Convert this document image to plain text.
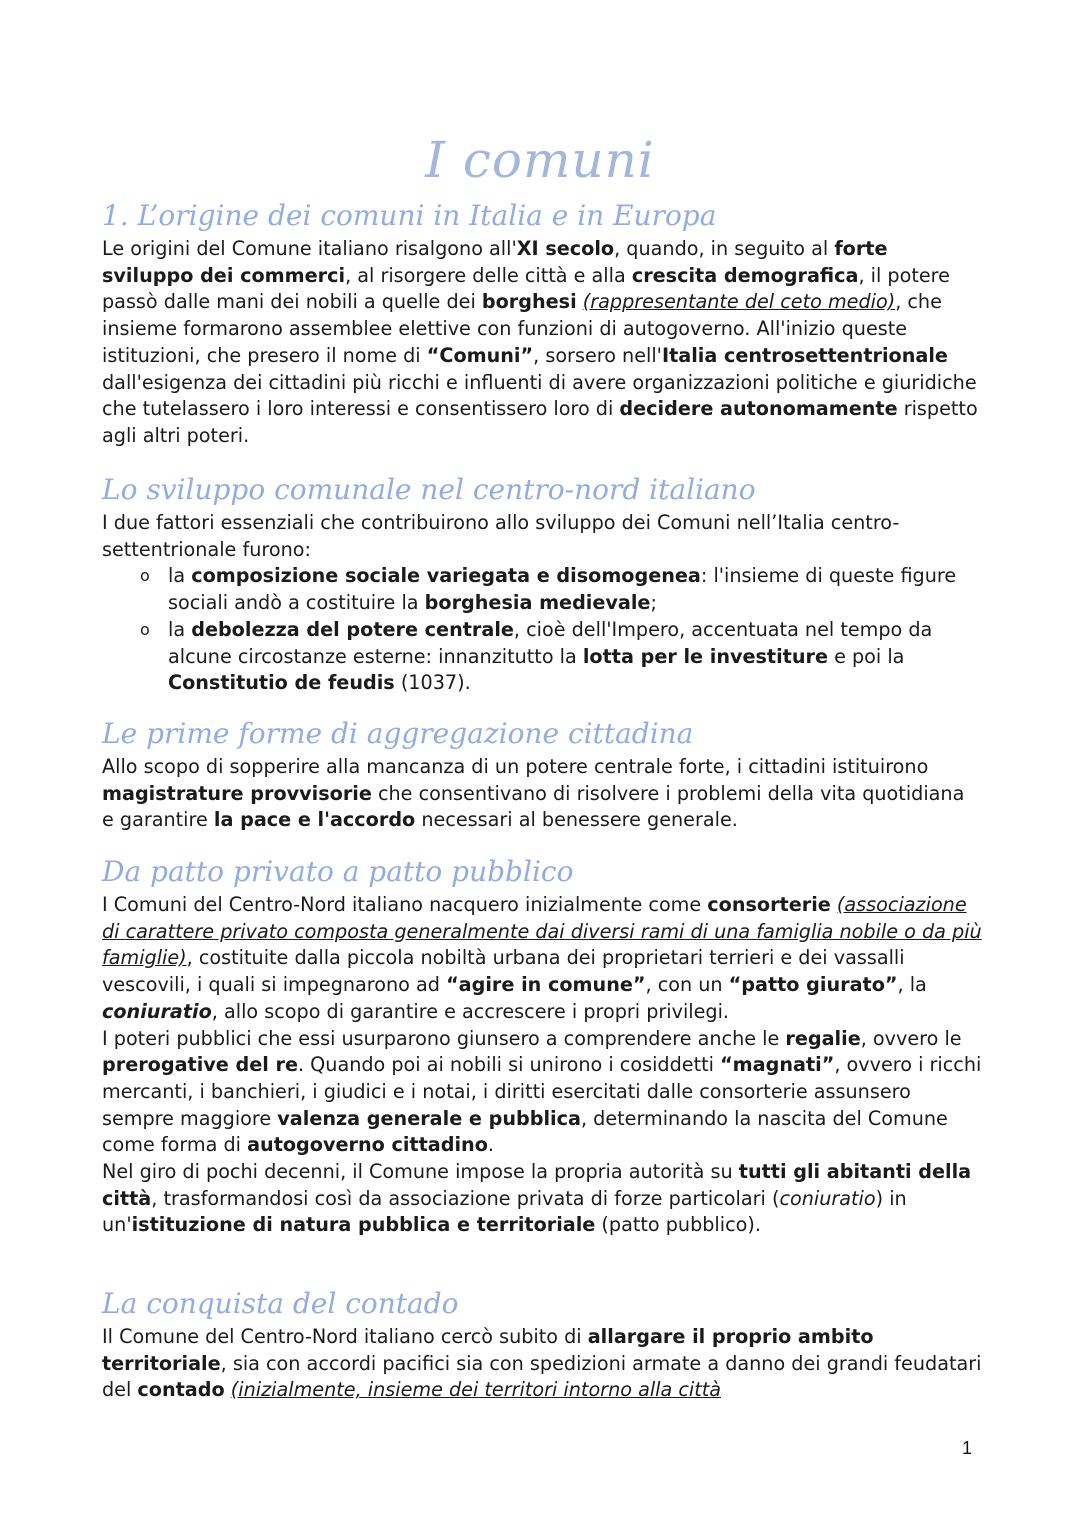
I comuni
1. L’origine dei comuni in Italia e in Europa

Le origini del Comune italiano risalgono all'XI secolo, quando, in seguito al forte sviluppo dei commerci, al risorgere delle città e alla crescita demografica, il potere passò dalle mani dei nobili a quelle dei borghesi (rappresentante del ceto medio), che insieme formarono assemblee elettive con funzioni di autogoverno. All'inizio queste istituzioni, che presero il nome di “Comuni”, sorsero nell'Italia centrosettentrionale dall'esigenza dei cittadini più ricchi e influenti di avere organizzazioni politiche e giuridiche che tutelassero i loro interessi e consentissero loro di decidere autonomamente rispetto agli altri poteri.

Lo sviluppo comunale nel centro-nord italiano

I due fattori essenziali che contribuirono allo sviluppo dei Comuni nell’Italia centro-settentrionale furono:

o la composizione sociale variegata e disomogenea: l'insieme di queste figure sociali andò a costituire la borghesia medievale;
o la debolezza del potere centrale, cioè dell'Impero, accentuata nel tempo da alcune circostanze esterne: innanzitutto la lotta per le investiture e poi la Constitutio de feudis (1037).
Le prime forme di aggregazione cittadina

Allo scopo di sopperire alla mancanza di un potere centrale forte, i cittadini istituirono magistrature provvisorie che consentivano di risolvere i problemi della vita quotidiana e garantire la pace e l'accordo necessari al benessere generale.

Da patto privato a patto pubblico

I Comuni del Centro-Nord italiano nacquero inizialmente come consorterie (associazione di carattere privato composta generalmente dai diversi rami di una famiglia nobile o da più famiglie), costituite dalla piccola nobiltà urbana dei proprietari terrieri e dei vassalli vescovili, i quali si impegnarono ad “agire in comune”, con un “patto giurato”, la coniuratio, allo scopo di garantire e accrescere i propri privilegi.

I poteri pubblici che essi usurparono giunsero a comprendere anche le regalie, ovvero le prerogative del re. Quando poi ai nobili si unirono i cosiddetti “magnati”, ovvero i ricchi mercanti, i banchieri, i giudici e i notai, i diritti esercitati dalle consorterie assunsero sempre maggiore valenza generale e pubblica, determinando la nascita del Comune come forma di autogoverno cittadino.

Nel giro di pochi decenni, il Comune impose la propria autorità su tutti gli abitanti della città, trasformandosi così da associazione privata di forze particolari (coniuratio) in un'istituzione di natura pubblica e territoriale (patto pubblico).

La conquista del contado

Il Comune del Centro-Nord italiano cercò subito di allargare il proprio ambito territoriale, sia con accordi pacifici sia con spedizioni armate a danno dei grandi feudatari del contado (inizialmente, insieme dei territori intorno alla città

1
